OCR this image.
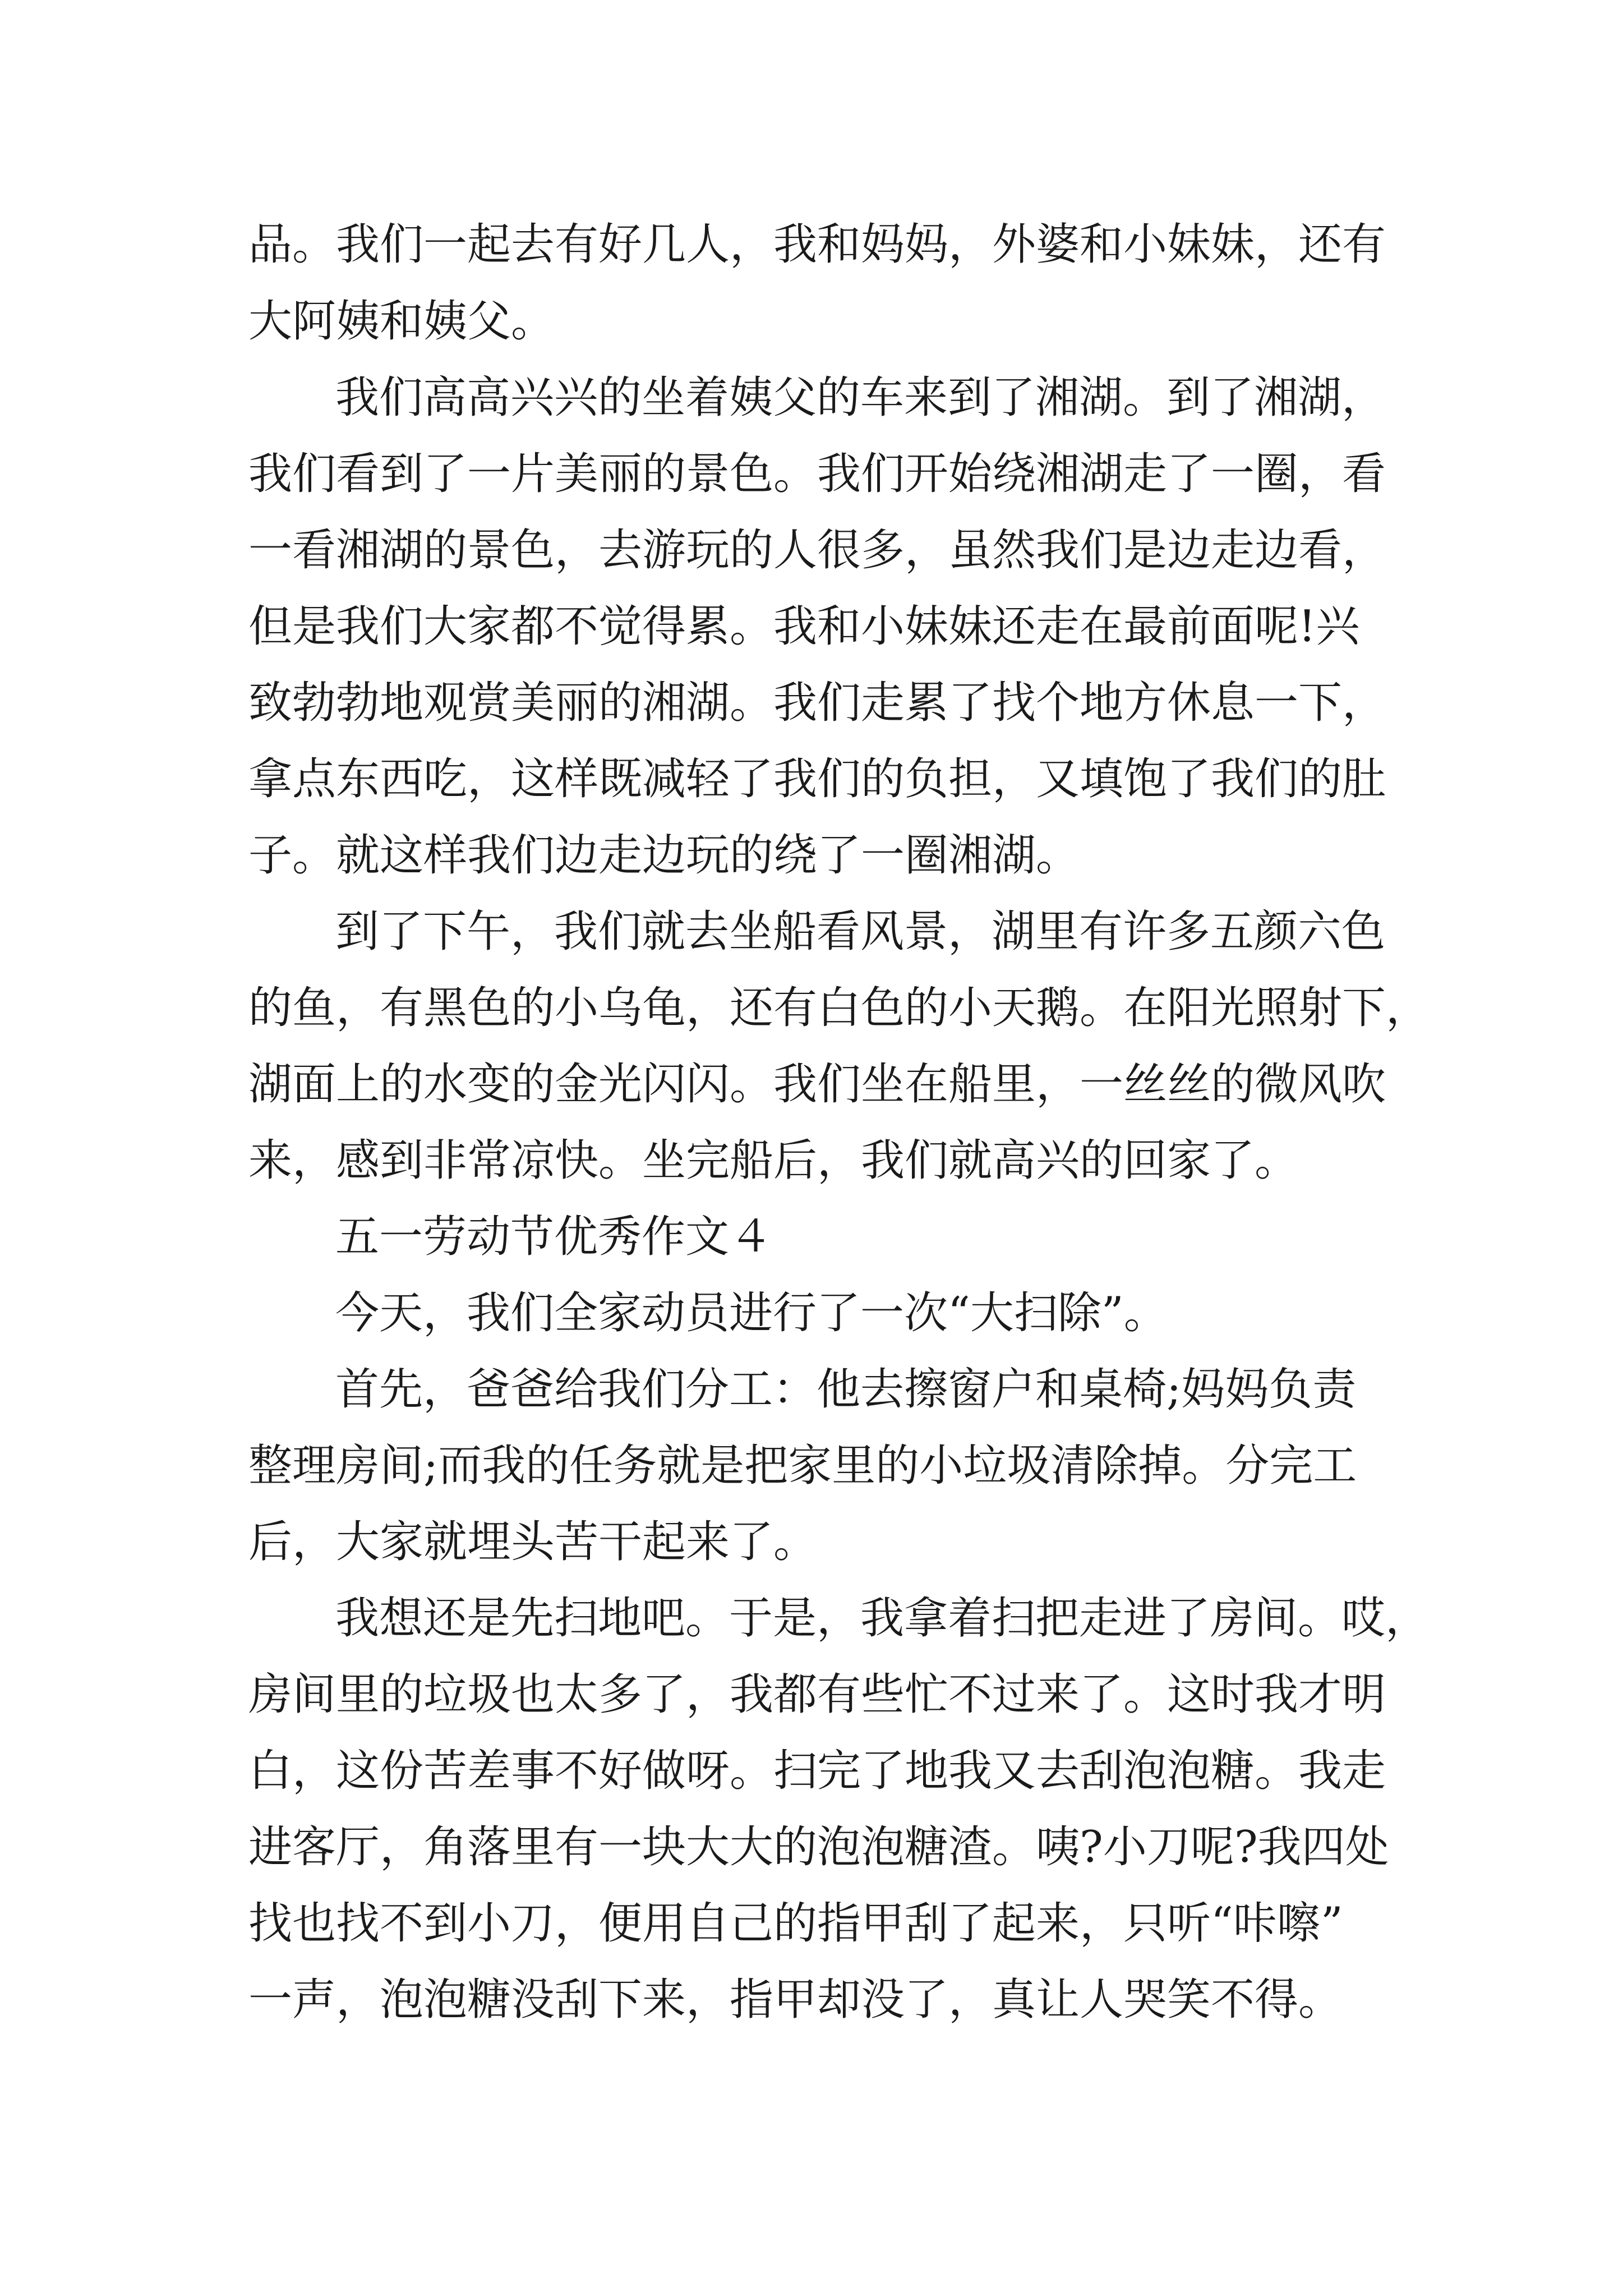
品。我们一起去有好几人，我和妈妈，外婆和小妹妹，还有
大阿姨和姨父。
我们高高兴兴的坐着姨父的车来到了湘湖。到了湘湖，
我们看到了一片美丽的景色。我们开始绕湘湖走了一圈，看
一看湘湖的景色，去游玩的人很多，虽然我们是边走边看，
但是我们大家都不觉得累。我和小妹妹还走在最前面呢!兴
致勃勃地观赏美丽的湘湖。我们走累了找个地方休息一下，
拿点东西吃，这样既减轻了我们的负担，又填饱了我们的肚
子。就这样我们边走边玩的绕了一圈湘湖。
到了下午，我们就去坐船看风景，湖里有许多五颜六色
的鱼，有黑色的小乌龟，还有白色的小天鹅。在阳光照射下，
湖面上的水变的金光闪闪。我们坐在船里，一丝丝的微风吹
来，感到非常凉快。坐完船后，我们就高兴的回家了。
五一劳动节优秀作文４
今天，我们全家动员进行了一次“大扫除”。
首先，爸爸给我们分工：他去擦窗户和桌椅;妈妈负责
整理房间;而我的任务就是把家里的小垃圾清除掉。分完工
后，大家就埋头苦干起来了。
我想还是先扫地吧。于是，我拿着扫把走进了房间。哎，
房间里的垃圾也太多了，我都有些忙不过来了。这时我才明
白，这份苦差事不好做呀。扫完了地我又去刮泡泡糖。我走
进客厅，角落里有一块大大的泡泡糖渣。咦?小刀呢?我四处
找也找不到小刀，便用自己的指甲刮了起来，只听“咔嚓”
一声，泡泡糖没刮下来，指甲却没了，真让人哭笑不得。
